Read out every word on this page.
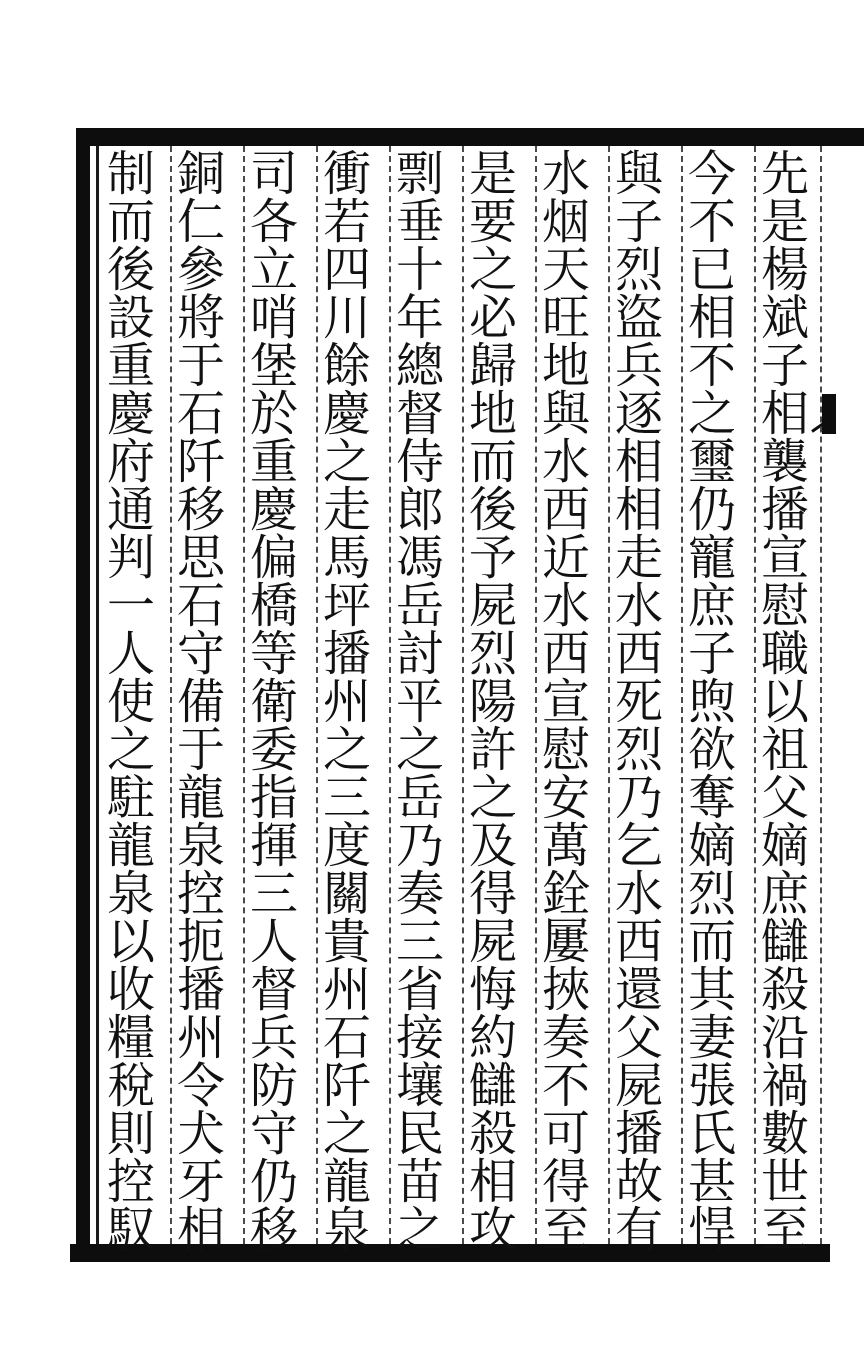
先
是
楊
斌
子
相
襲
播
宣
慰
職
以
祖
父
嫡
庶
讎
殺
沿
禍
數
世
至
今
不
已
相
不
之
璽
仍
寵
庶
子
煦
欲
奪
嫡
烈
而
其
妻
張
氏
甚
悍
與
子
烈
盜
兵
逐
相
相
走
水
西
死
烈
乃
乞
水
西
還
父
屍
播
故
有
水
烟
天
旺
地
與
水
西
近
水
西
宣
慰
安
萬
銓
屢
挾
奏
不
可
得
至
是
要
之
必
歸
地
而
後
予
屍
烈
陽
許
之
及
得
屍
悔
約
讎
殺
相
攻
剽
垂
十
年
總
督
侍
郎
馮
岳
討
平
之
岳
乃
奏
三
省
接
壤
民
苗
之
衝
若
四
川
餘
慶
之
走
馬
坪
播
州
之
三
度
關
貴
州
石
阡
之
龍
泉
司
各
立
哨
堡
於
重
慶
偏
橋
等
衛
委
指
揮
三
人
督
兵
防
守
仍
移
銅
仁
參
將
于
石
阡
移
思
石
守
備
于
龍
泉
控
扼
播
州
令
犬
牙
相
制
而
後
設
重
慶
府
通
判
一
人
使
之
駐
龍
泉
以
收
糧
稅
則
控
馭
